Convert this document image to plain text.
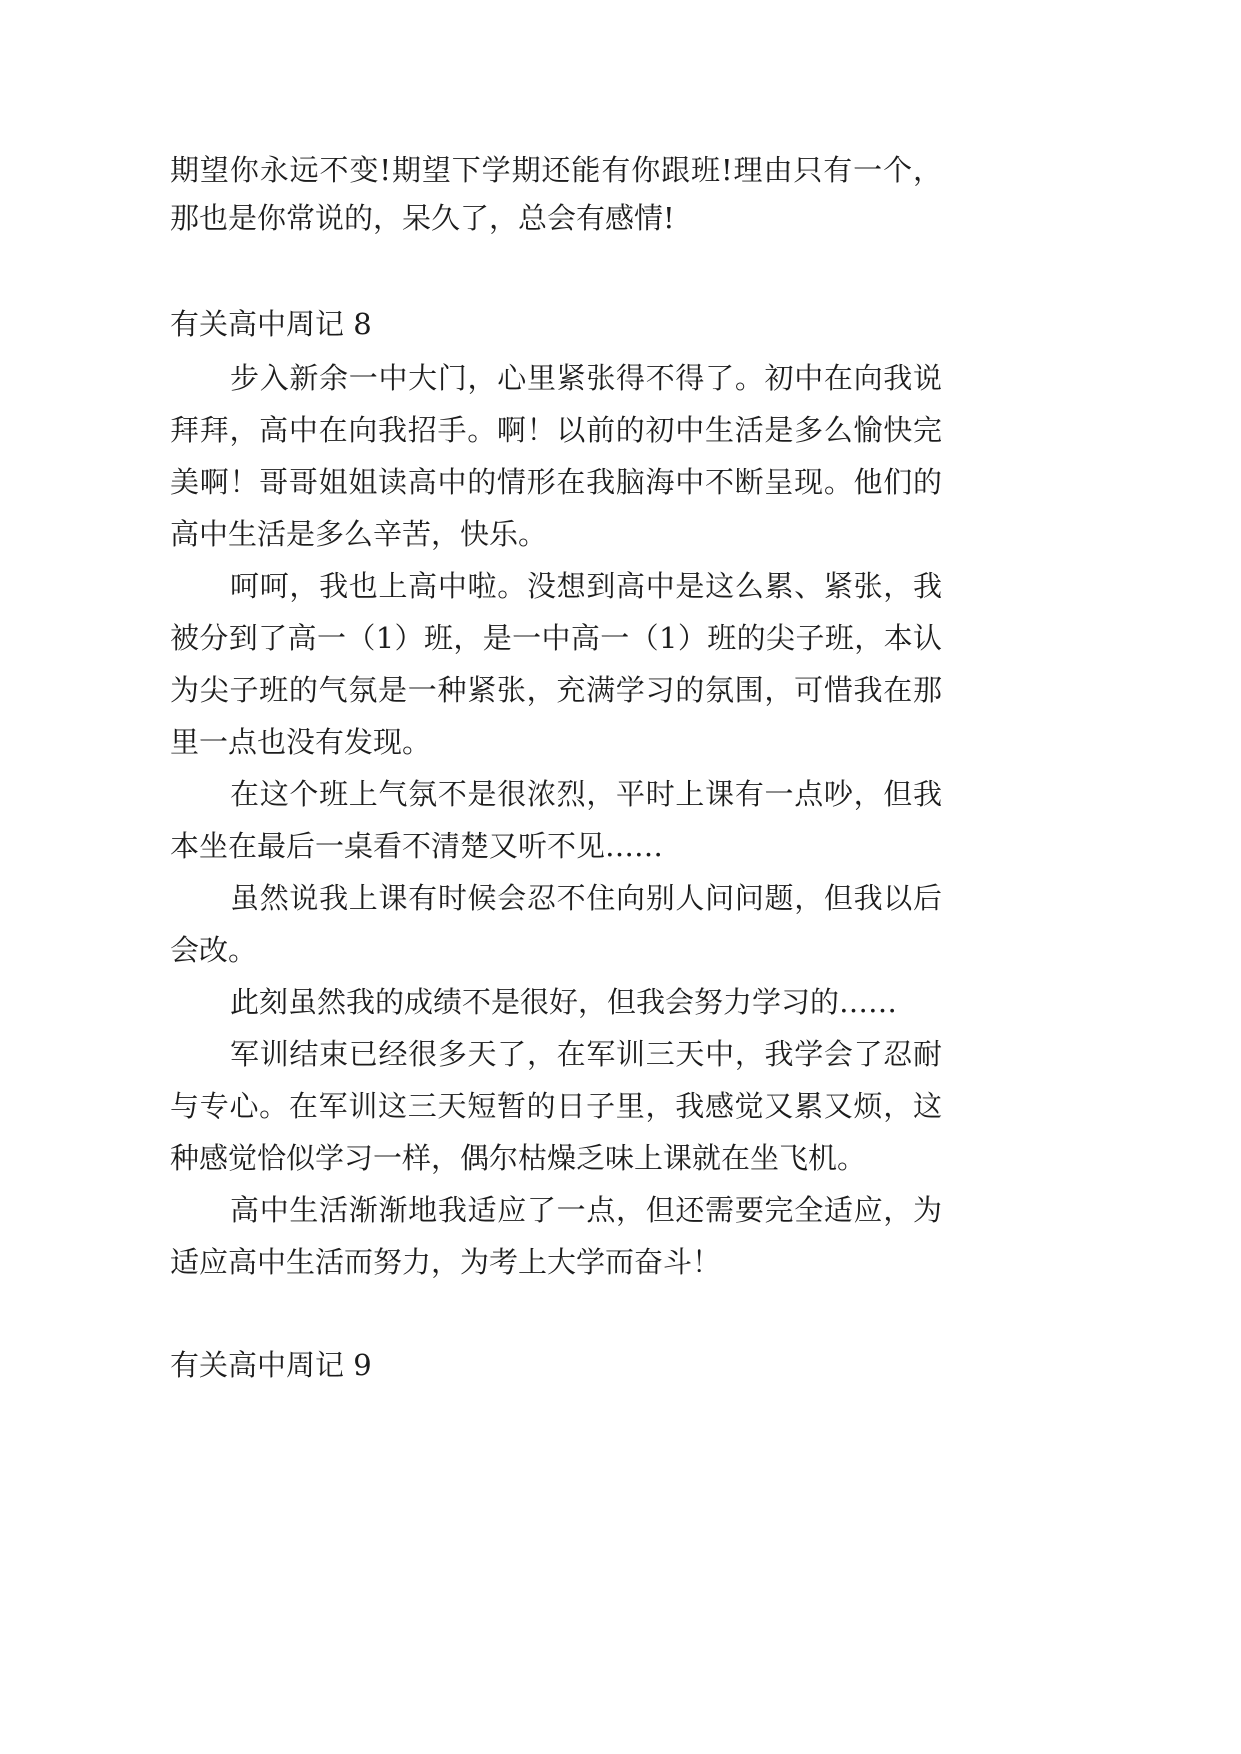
期望你永远不变!期望下学期还能有你跟班!理由只有一个，
那也是你常说的，呆久了，总会有感情!
有关高中周记 8
步入新余一中大门，心里紧张得不得了。初中在向我说
拜拜，高中在向我招手。啊！以前的初中生活是多么愉快完
美啊！哥哥姐姐读高中的情形在我脑海中不断呈现。他们的
高中生活是多么辛苦，快乐。
呵呵，我也上高中啦。没想到高中是这么累、紧张，我
被分到了高一（1）班，是一中高一（1）班的尖子班，本认
为尖子班的气氛是一种紧张，充满学习的氛围，可惜我在那
里一点也没有发现。
在这个班上气氛不是很浓烈，平时上课有一点吵，但我
本坐在最后一桌看不清楚又听不见……
虽然说我上课有时候会忍不住向别人问问题，但我以后
会改。
此刻虽然我的成绩不是很好，但我会努力学习的……
军训结束已经很多天了，在军训三天中，我学会了忍耐
与专心。在军训这三天短暂的日子里，我感觉又累又烦，这
种感觉恰似学习一样，偶尔枯燥乏味上课就在坐飞机。
高中生活渐渐地我适应了一点，但还需要完全适应，为
适应高中生活而努力，为考上大学而奋斗！
有关高中周记 9
